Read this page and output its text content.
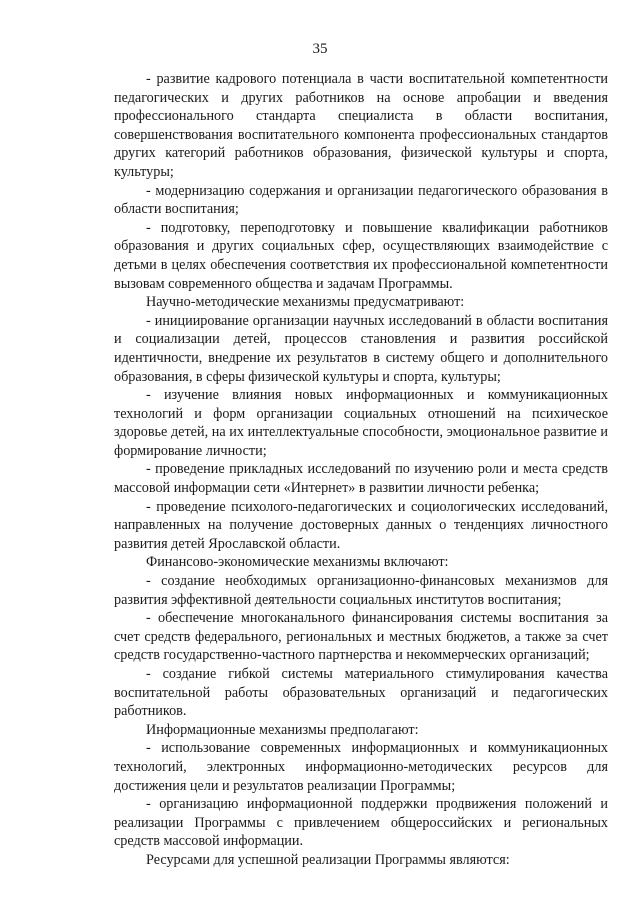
35

- развитие кадрового потенциала в части воспитательной компетентности педагогических и других работников на основе апробации и введения профессионального стандарта специалиста в области воспитания, совершенствования воспитательного компонента профессиональных стандартов других категорий работников образования, физической культуры и спорта, культуры;

- модернизацию содержания и организации педагогического образования в области воспитания;

- подготовку, переподготовку и повышение квалификации работников образования и других социальных сфер, осуществляющих взаимодействие с детьми в целях обеспечения соответствия их профессиональной компетентности вызовам современного общества и задачам Программы.

Научно-методические механизмы предусматривают:

- инициирование организации научных исследований в области воспитания и социализации детей, процессов становления и развития российской идентичности, внедрение их результатов в систему общего и дополнительного образования, в сферы физической культуры и спорта, культуры;

- изучение влияния новых информационных и коммуникационных технологий и форм организации социальных отношений на психическое здоровье детей, на их интеллектуальные способности, эмоциональное развитие и формирование личности;

- проведение прикладных исследований по изучению роли и места средств массовой информации сети «Интернет» в развитии личности ребенка;

- проведение психолого-педагогических и социологических исследований, направленных на получение достоверных данных о тенденциях личностного развития детей Ярославской области.

Финансово-экономические механизмы включают:

- создание необходимых организационно-финансовых механизмов для развития эффективной деятельности социальных институтов воспитания;

- обеспечение многоканального финансирования системы воспитания за счет средств федерального, региональных и местных бюджетов, а также за счет средств государственно-частного партнерства и некоммерческих организаций;

- создание гибкой системы материального стимулирования качества воспитательной работы образовательных организаций и педагогических работников.

Информационные механизмы предполагают:

- использование современных информационных и коммуникационных технологий, электронных информационно-методических ресурсов для достижения цели и результатов реализации Программы;

- организацию информационной поддержки продвижения положений и реализации Программы с привлечением общероссийских и региональных средств массовой информации.

Ресурсами для успешной реализации Программы являются:
